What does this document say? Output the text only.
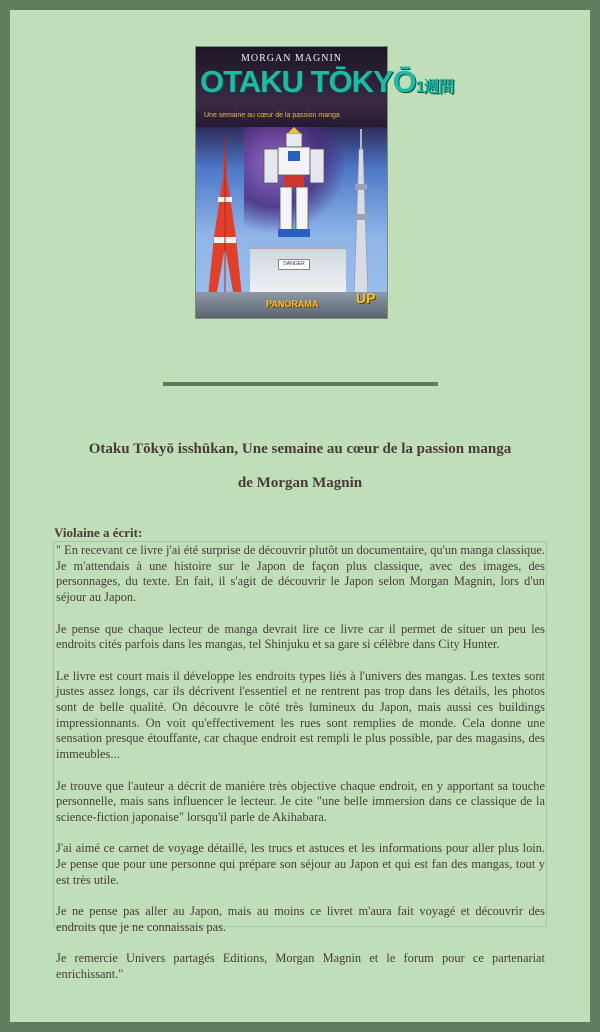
MORGAN MAGNIN
OTAKU TŌKYŌ1週間
Une semaine au cœur de la passion manga
DANGER
PANORAMA	UP
Otaku Tōkyō isshūkan, Une semaine au cœur de la passion manga
de Morgan Magnin
Violaine a écrit:

" En recevant ce livre j'ai été surprise de découvrir plutôt un documentaire, qu'un manga classique. Je m'attendais à une histoire sur le Japon de façon plus classique, avec des images, des personnages, du texte. En fait, il s'agit de découvrir le Japon selon Morgan Magnin, lors d'un séjour au Japon.

Je pense que chaque lecteur de manga devrait lire ce livre car il permet de situer un peu les endroits cités parfois dans les mangas, tel Shinjuku et sa gare si célèbre dans City Hunter.

Le livre est court mais il développe les endroits types liés à l'univers des mangas. Les textes sont justes assez longs, car ils décrivent l'essentiel et ne rentrent pas trop dans les détails, les photos sont de belle qualité. On découvre le côté très lumineux du Japon, mais aussi ces buildings impressionnants. On voit qu'effectivement les rues sont remplies de monde. Cela donne une sensation presque étouffante, car chaque endroit est rempli le plus possible, par des magasins, des immeubles...

Je trouve que l'auteur a décrit de manière très objective chaque endroit, en y apportant sa touche personnelle, mais sans influencer le lecteur. Je cite "une belle immersion dans ce classique de la science-fiction japonaise" lorsqu'il parle de Akihabara.

J'ai aimé ce carnet de voyage détaillé, les trucs et astuces et les informations pour aller plus loin. Je pense que pour une personne qui prépare son séjour au Japon et qui est fan des mangas, tout y est très utile.

Je ne pense pas aller au Japon, mais au moins ce livret m'aura fait voyagé et découvrir des endroits que je ne connaissais pas.

Je remercie Univers partagés Editions, Morgan Magnin et le forum pour ce partenariat enrichissant."
